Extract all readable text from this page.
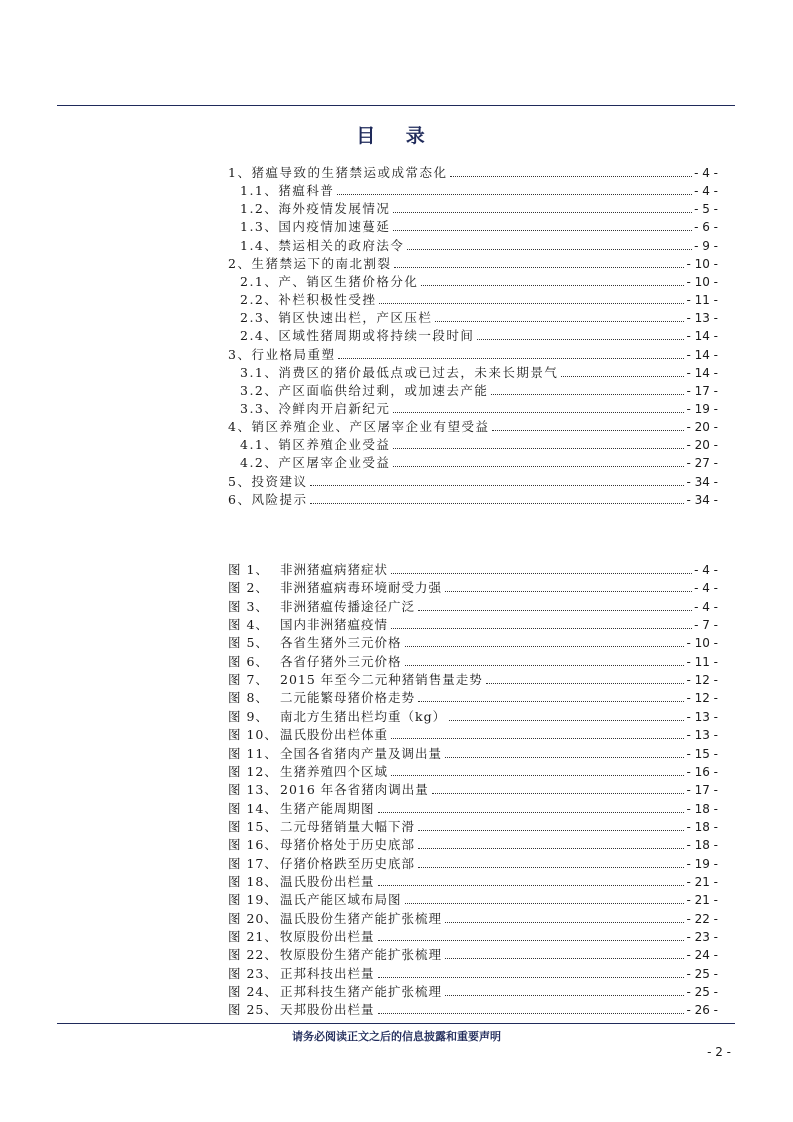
目 录
1、猪瘟导致的生猪禁运或成常态化	- 4 -
1.1、猪瘟科普	- 4 -
1.2、海外疫情发展情况	- 5 -
1.3、国内疫情加速蔓延	- 6 -
1.4、禁运相关的政府法令	- 9 -
2、生猪禁运下的南北割裂	- 10 -
2.1、产、销区生猪价格分化	- 10 -
2.2、补栏积极性受挫	- 11 -
2.3、销区快速出栏，产区压栏	- 13 -
2.4、区域性猪周期或将持续一段时间	- 14 -
3、行业格局重塑	- 14 -
3.1、消费区的猪价最低点或已过去，未来长期景气	- 14 -
3.2、产区面临供给过剩，或加速去产能	- 17 -
3.3、冷鲜肉开启新纪元	- 19 -
4、销区养殖企业、产区屠宰企业有望受益	- 20 -
4.1、销区养殖企业受益	- 20 -
4.2、产区屠宰企业受益	- 27 -
5、投资建议	- 34 -
6、风险提示	- 34 -
图 1、 非洲猪瘟病猪症状	- 4 -
图 2、 非洲猪瘟病毒环境耐受力强	- 4 -
图 3、 非洲猪瘟传播途径广泛	- 4 -
图 4、 国内非洲猪瘟疫情	- 7 -
图 5、 各省生猪外三元价格	- 10 -
图 6、 各省仔猪外三元价格	- 11 -
图 7、 2015 年至今二元种猪销售量走势	- 12 -
图 8、 二元能繁母猪价格走势	- 12 -
图 9、 南北方生猪出栏均重（kg）	- 13 -
图 10、 温氏股份出栏体重	- 13 -
图 11、 全国各省猪肉产量及调出量	- 15 -
图 12、 生猪养殖四个区域	- 16 -
图 13、 2016 年各省猪肉调出量	- 17 -
图 14、 生猪产能周期图	- 18 -
图 15、 二元母猪销量大幅下滑	- 18 -
图 16、 母猪价格处于历史底部	- 18 -
图 17、 仔猪价格跌至历史底部	- 19 -
图 18、 温氏股份出栏量	- 21 -
图 19、 温氏产能区域布局图	- 21 -
图 20、 温氏股份生猪产能扩张梳理	- 22 -
图 21、 牧原股份出栏量	- 23 -
图 22、 牧原股份生猪产能扩张梳理	- 24 -
图 23、 正邦科技出栏量	- 25 -
图 24、 正邦科技生猪产能扩张梳理	- 25 -
图 25、 天邦股份出栏量	- 26 -
请务必阅读正文之后的信息披露和重要声明
- 2 -
